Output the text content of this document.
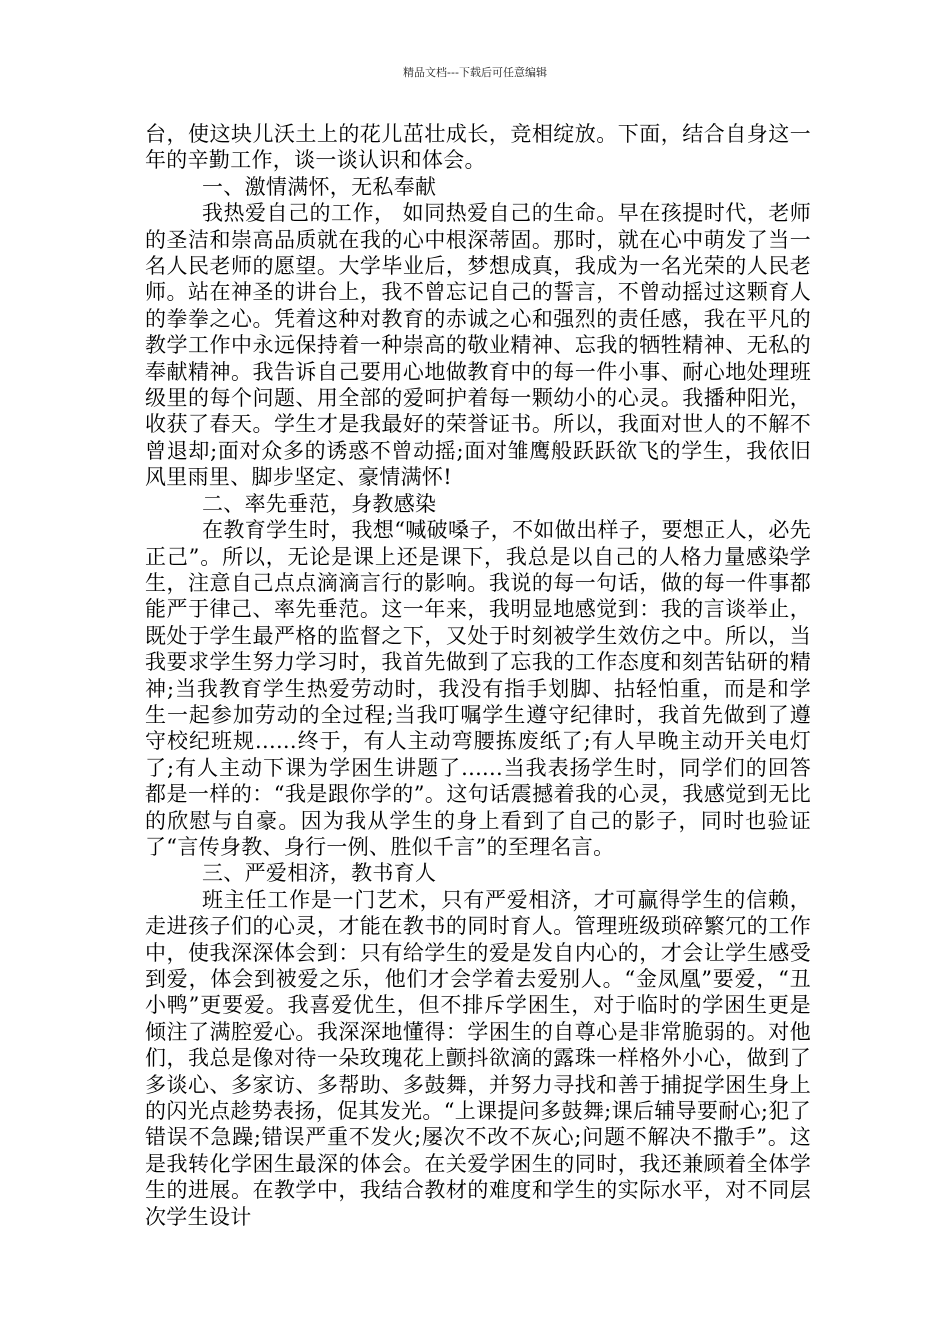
精品文档---下载后可任意编辑

台，使这块儿沃土上的花儿茁壮成长，竞相绽放。下面，结合自身这一年的辛勤工作，谈一谈认识和体会。

一、激情满怀，无私奉献

我热爱自己的工作， 如同热爱自己的生命。早在孩提时代，老师的圣洁和崇高品质就在我的心中根深蒂固。那时，就在心中萌发了当一名人民老师的愿望。大学毕业后，梦想成真，我成为一名光荣的人民老师。站在神圣的讲台上，我不曾忘记自己的誓言，不曾动摇过这颗育人的拳拳之心。凭着这种对教育的赤诚之心和强烈的责任感，我在平凡的教学工作中永远保持着一种崇高的敬业精神、忘我的牺牲精神、无私的奉献精神。我告诉自己要用心地做教育中的每一件小事、耐心地处理班级里的每个问题、用全部的爱呵护着每一颗幼小的心灵。我播种阳光，收获了春天。学生才是我最好的荣誉证书。所以，我面对世人的不解不曾退却;面对众多的诱惑不曾动摇;面对雏鹰般跃跃欲飞的学生，我依旧风里雨里、脚步坚定、豪情满怀!

二、率先垂范，身教感染

在教育学生时，我想“喊破嗓子，不如做出样子，要想正人，必先正己”。所以，无论是课上还是课下，我总是以自己的人格力量感染学生，注意自己点点滴滴言行的影响。我说的每一句话，做的每一件事都能严于律己、率先垂范。这一年来，我明显地感觉到：我的言谈举止，既处于学生最严格的监督之下，又处于时刻被学生效仿之中。所以，当我要求学生努力学习时，我首先做到了忘我的工作态度和刻苦钻研的精神;当我教育学生热爱劳动时，我没有指手划脚、拈轻怕重，而是和学生一起参加劳动的全过程;当我叮嘱学生遵守纪律时，我首先做到了遵守校纪班规......终于，有人主动弯腰拣废纸了;有人早晚主动开关电灯了;有人主动下课为学困生讲题了......当我表扬学生时，同学们的回答都是一样的：“我是跟你学的”。这句话震撼着我的心灵，我感觉到无比的欣慰与自豪。因为我从学生的身上看到了自己的影子，同时也验证了“言传身教、身行一例、胜似千言”的至理名言。

三、严爱相济，教书育人

班主任工作是一门艺术，只有严爱相济，才可赢得学生的信赖，走进孩子们的心灵，才能在教书的同时育人。管理班级琐碎繁冗的工作中，使我深深体会到：只有给学生的爱是发自内心的，才会让学生感受到爱，体会到被爱之乐，他们才会学着去爱别人。“金凤凰”要爱，“丑小鸭”更要爱。我喜爱优生，但不排斥学困生，对于临时的学困生更是倾注了满腔爱心。我深深地懂得：学困生的自尊心是非常脆弱的。对他们，我总是像对待一朵玫瑰花上颤抖欲滴的露珠一样格外小心，做到了多谈心、多家访、多帮助、多鼓舞，并努力寻找和善于捕捉学困生身上的闪光点趁势表扬，促其发光。“上课提问多鼓舞;课后辅导要耐心;犯了错误不急躁;错误严重不发火;屡次不改不灰心;问题不解决不撒手”。这是我转化学困生最深的体会。在关爱学困生的同时，我还兼顾着全体学生的进展。在教学中，我结合教材的难度和学生的实际水平，对不同层次学生设计
